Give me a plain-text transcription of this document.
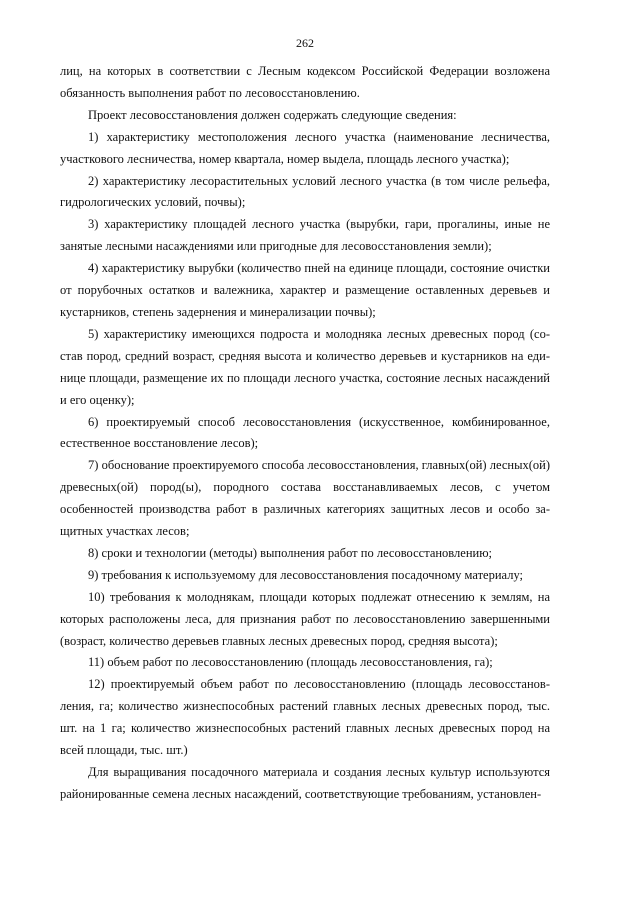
262

лиц, на которых в соответствии с Лесным кодексом Российской Федерации возложена обязанность выполнения работ по лесовосстановлению.

Проект лесовосстановления должен содержать следующие сведения:

1) характеристику местоположения лесного участка (наименование лесничества, участкового лесничества, номер квартала, номер выдела, площадь лесного участка);

2) характеристику лесорастительных условий лесного участка (в том числе рельефа, гидрологических условий, почвы);

3) характеристику площадей лесного участка (вырубки, гари, прогалины, иные не занятые лесными насаждениями или пригодные для лесовосстановления земли);

4) характеристику вырубки (количество пней на единице площади, состояние очистки от порубочных остатков и валежника, характер и размещение оставленных деревьев и кустарников, степень задернения и минерализации почвы);

5) характеристику имеющихся подроста и молодняка лесных древесных пород (состав пород, средний возраст, средняя высота и количество деревьев и кустарников на единице площади, размещение их по площади лесного участка, состояние лесных насаждений и его оценку);

6) проектируемый способ лесовосстановления (искусственное, комбинированное, естественное восстановление лесов);

7) обоснование проектируемого способа лесовосстановления, главных(ой) лесных(ой) древесных(ой) пород(ы), породного состава восстанавливаемых лесов, с учетом особенностей производства работ в различных категориях защитных лесов и особо защитных участках лесов;

8) сроки и технологии (методы) выполнения работ по лесовосстановлению;

9) требования к используемому для лесовосстановления посадочному материалу;

10) требования к молоднякам, площади которых подлежат отнесению к землям, на которых расположены леса, для признания работ по лесовосстановлению завершенными (возраст, количество деревьев главных лесных древесных пород, средняя высота);

11) объем работ по лесовосстановлению (площадь лесовосстановления, га);

12) проектируемый объем работ по лесовосстановлению (площадь лесовосстановления, га; количество жизнеспособных растений главных лесных древесных пород, тыс. шт. на 1 га; количество жизнеспособных растений главных лесных древесных пород на всей площади, тыс. шт.)

Для выращивания посадочного материала и создания лесных культур используются районированные семена лесных насаждений, соответствующие требованиям, установлен-
